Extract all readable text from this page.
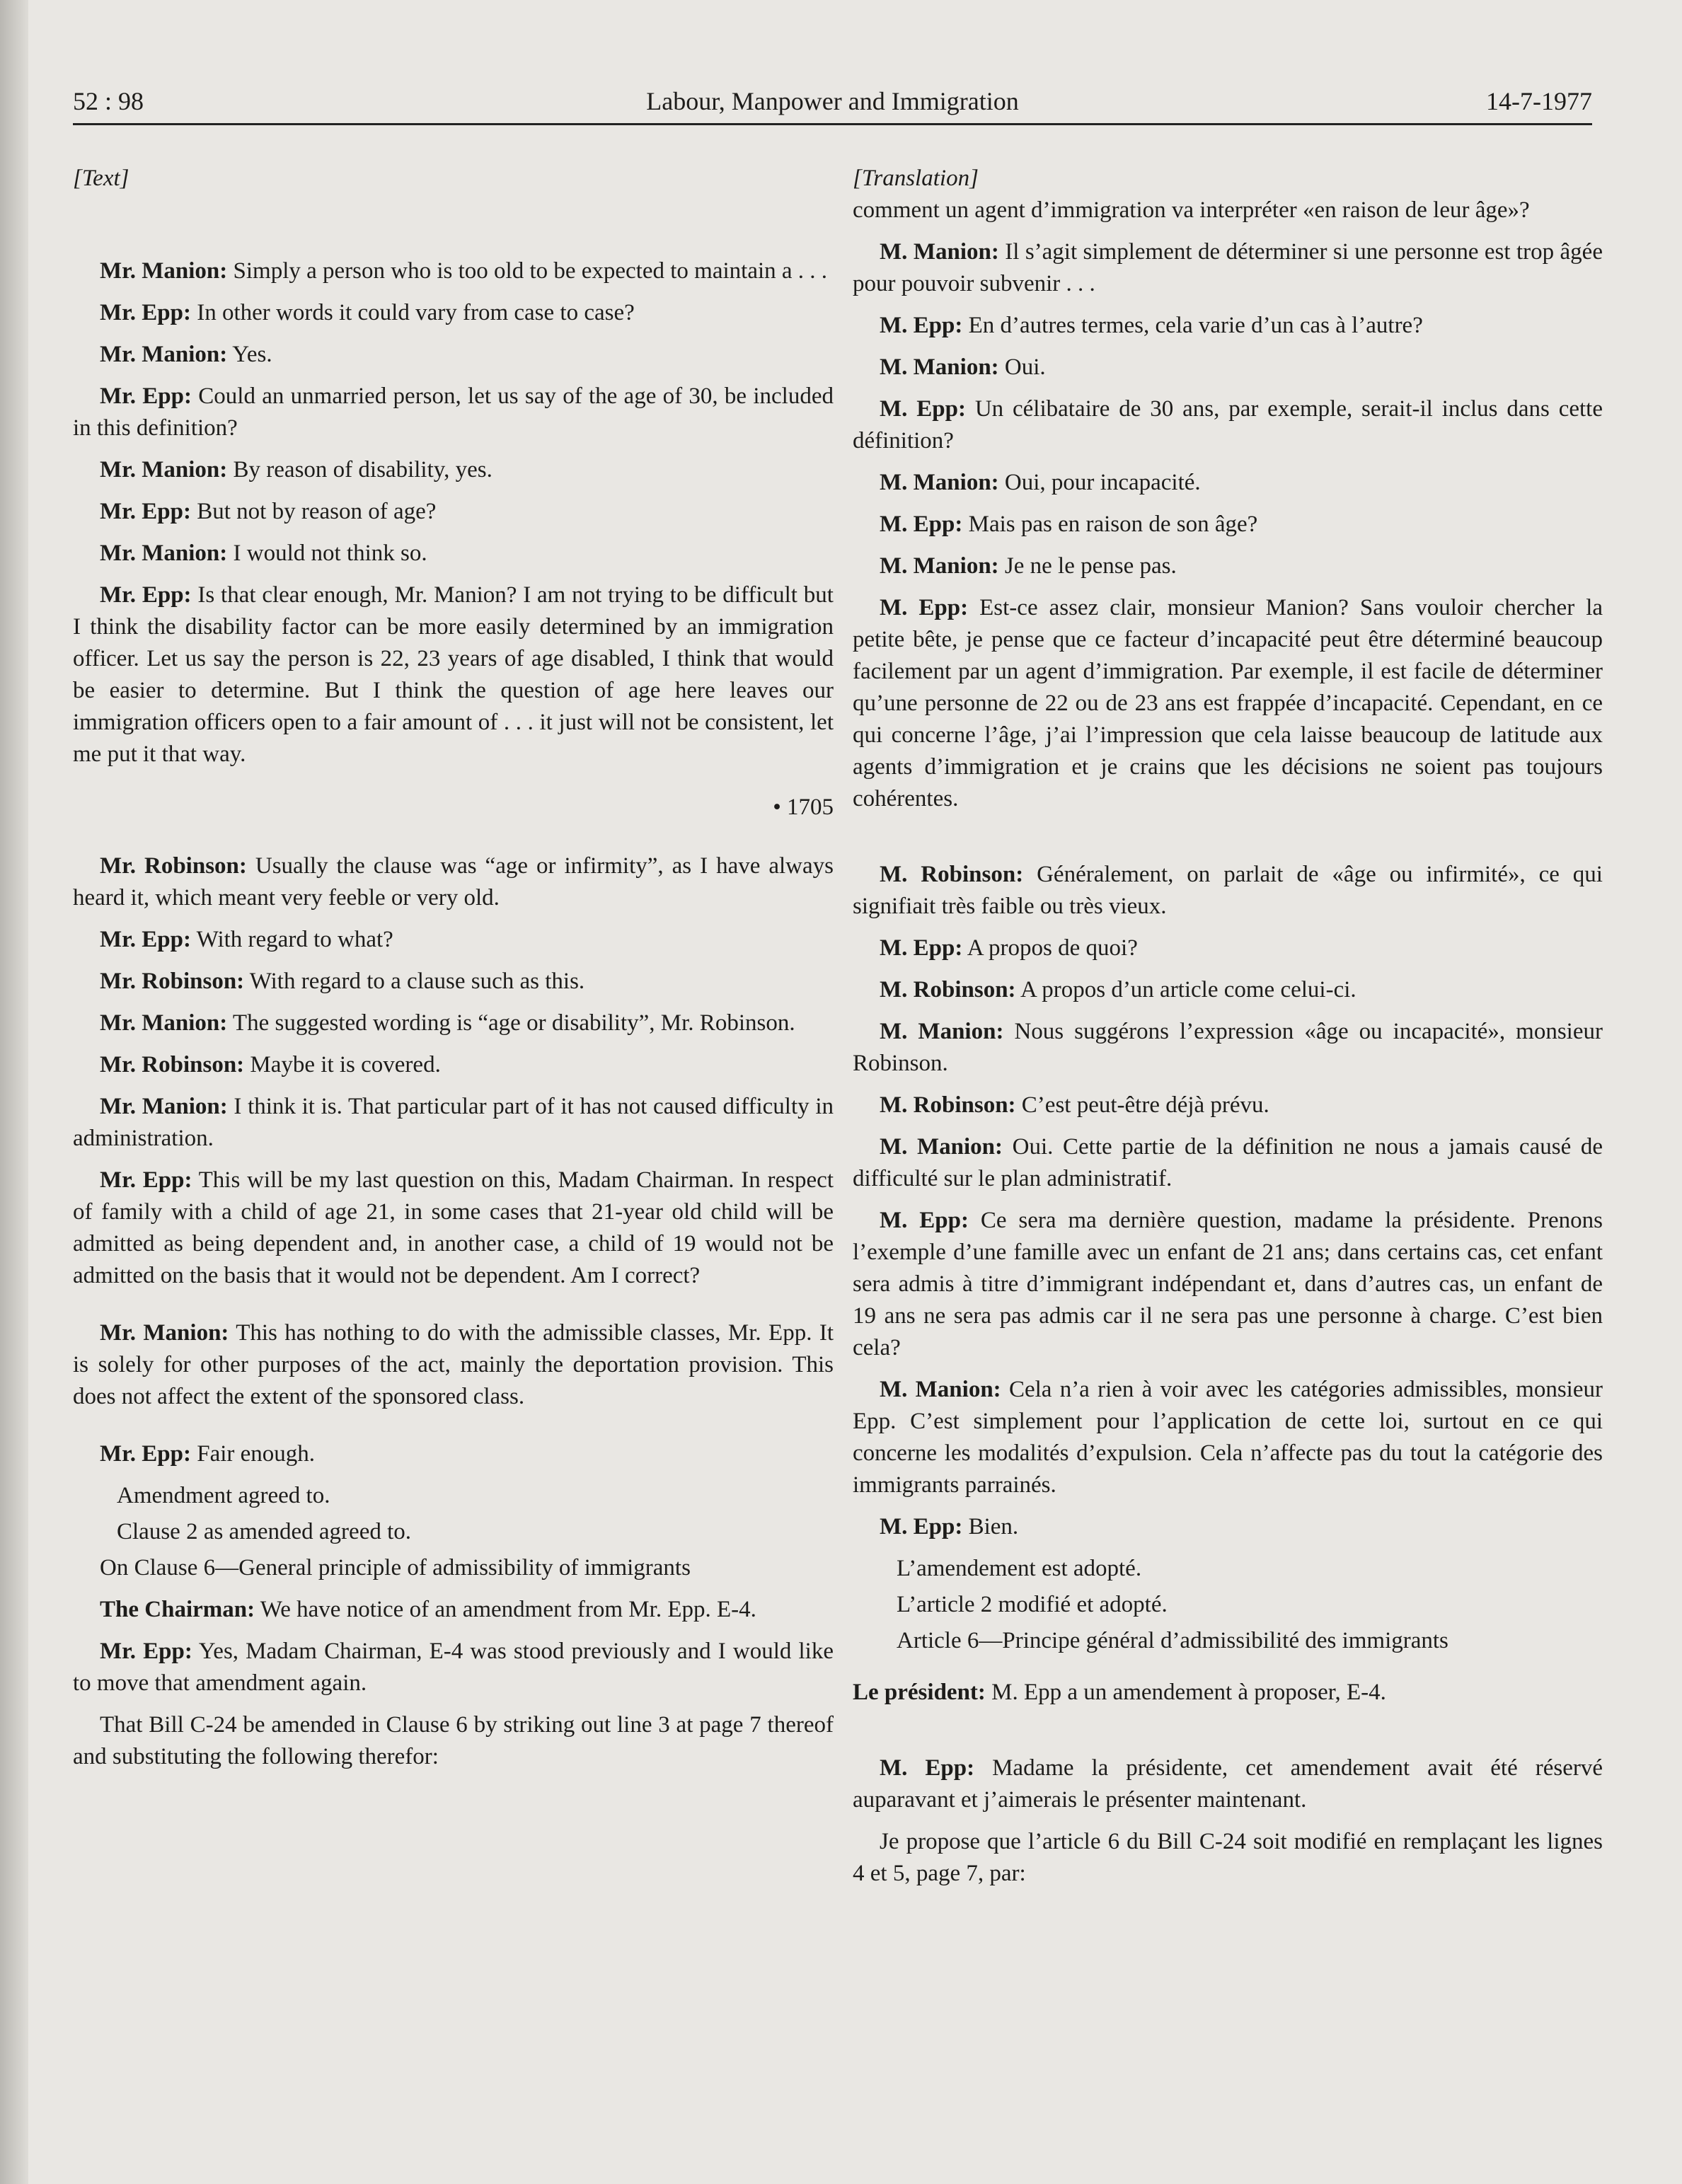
52 : 98	Labour, Manpower and Immigration	14-7-1977
[Text]

Mr. Manion: Simply a person who is too old to be expected to maintain a . . .

Mr. Epp: In other words it could vary from case to case?

Mr. Manion: Yes.

Mr. Epp: Could an unmarried person, let us say of the age of 30, be included in this definition?

Mr. Manion: By reason of disability, yes.

Mr. Epp: But not by reason of age?

Mr. Manion: I would not think so.

Mr. Epp: Is that clear enough, Mr. Manion? I am not trying to be difficult but I think the disability factor can be more easily determined by an immigration officer. Let us say the person is 22, 23 years of age disabled, I think that would be easier to determine. But I think the question of age here leaves our immigration officers open to a fair amount of . . . it just will not be consistent, let me put it that way.

• 1705

Mr. Robinson: Usually the clause was “age or infirmity”, as I have always heard it, which meant very feeble or very old.

Mr. Epp: With regard to what?

Mr. Robinson: With regard to a clause such as this.

Mr. Manion: The suggested wording is “age or disability”, Mr. Robinson.

Mr. Robinson: Maybe it is covered.

Mr. Manion: I think it is. That particular part of it has not caused difficulty in administration.

Mr. Epp: This will be my last question on this, Madam Chairman. In respect of family with a child of age 21, in some cases that 21-year old child will be admitted as being dependent and, in another case, a child of 19 would not be admitted on the basis that it would not be dependent. Am I correct?

Mr. Manion: This has nothing to do with the admissible classes, Mr. Epp. It is solely for other purposes of the act, mainly the deportation provision. This does not affect the extent of the sponsored class.

Mr. Epp: Fair enough.

Amendment agreed to.

Clause 2 as amended agreed to.

On Clause 6—General principle of admissibility of immigrants

The Chairman: We have notice of an amendment from Mr. Epp. E-4.

Mr. Epp: Yes, Madam Chairman, E-4 was stood previously and I would like to move that amendment again.

That Bill C-24 be amended in Clause 6 by striking out line 3 at page 7 thereof and substituting the following therefor:

[Translation]

comment un agent d’immigration va interpréter «en raison de leur âge»?

M. Manion: Il s’agit simplement de déterminer si une personne est trop âgée pour pouvoir subvenir . . .

M. Epp: En d’autres termes, cela varie d’un cas à l’autre?

M. Manion: Oui.

M. Epp: Un célibataire de 30 ans, par exemple, serait-il inclus dans cette définition?

M. Manion: Oui, pour incapacité.

M. Epp: Mais pas en raison de son âge?

M. Manion: Je ne le pense pas.

M. Epp: Est-ce assez clair, monsieur Manion? Sans vouloir chercher la petite bête, je pense que ce facteur d’incapacité peut être déterminé beaucoup facilement par un agent d’immigration. Par exemple, il est facile de déterminer qu’une personne de 22 ou de 23 ans est frappée d’incapacité. Cependant, en ce qui concerne l’âge, j’ai l’impression que cela laisse beaucoup de latitude aux agents d’immigration et je crains que les décisions ne soient pas toujours cohérentes.

M. Robinson: Généralement, on parlait de «âge ou infirmité», ce qui signifiait très faible ou très vieux.

M. Epp: A propos de quoi?

M. Robinson: A propos d’un article come celui-ci.

M. Manion: Nous suggérons l’expression «âge ou incapacité», monsieur Robinson.

M. Robinson: C’est peut-être déjà prévu.

M. Manion: Oui. Cette partie de la définition ne nous a jamais causé de difficulté sur le plan administratif.

M. Epp: Ce sera ma dernière question, madame la présidente. Prenons l’exemple d’une famille avec un enfant de 21 ans; dans certains cas, cet enfant sera admis à titre d’immigrant indépendant et, dans d’autres cas, un enfant de 19 ans ne sera pas admis car il ne sera pas une personne à charge. C’est bien cela?

M. Manion: Cela n’a rien à voir avec les catégories admissibles, monsieur Epp. C’est simplement pour l’application de cette loi, surtout en ce qui concerne les modalités d’expulsion. Cela n’affecte pas du tout la catégorie des immigrants parrainés.

M. Epp: Bien.

L’amendement est adopté.

L’article 2 modifié et adopté.

Article 6—Principe général d’admissibilité des immigrants

Le président: M. Epp a un amendement à proposer, E-4.

M. Epp: Madame la présidente, cet amendement avait été réservé auparavant et j’aimerais le présenter maintenant.

Je propose que l’article 6 du Bill C-24 soit modifié en remplaçant les lignes 4 et 5, page 7, par:
